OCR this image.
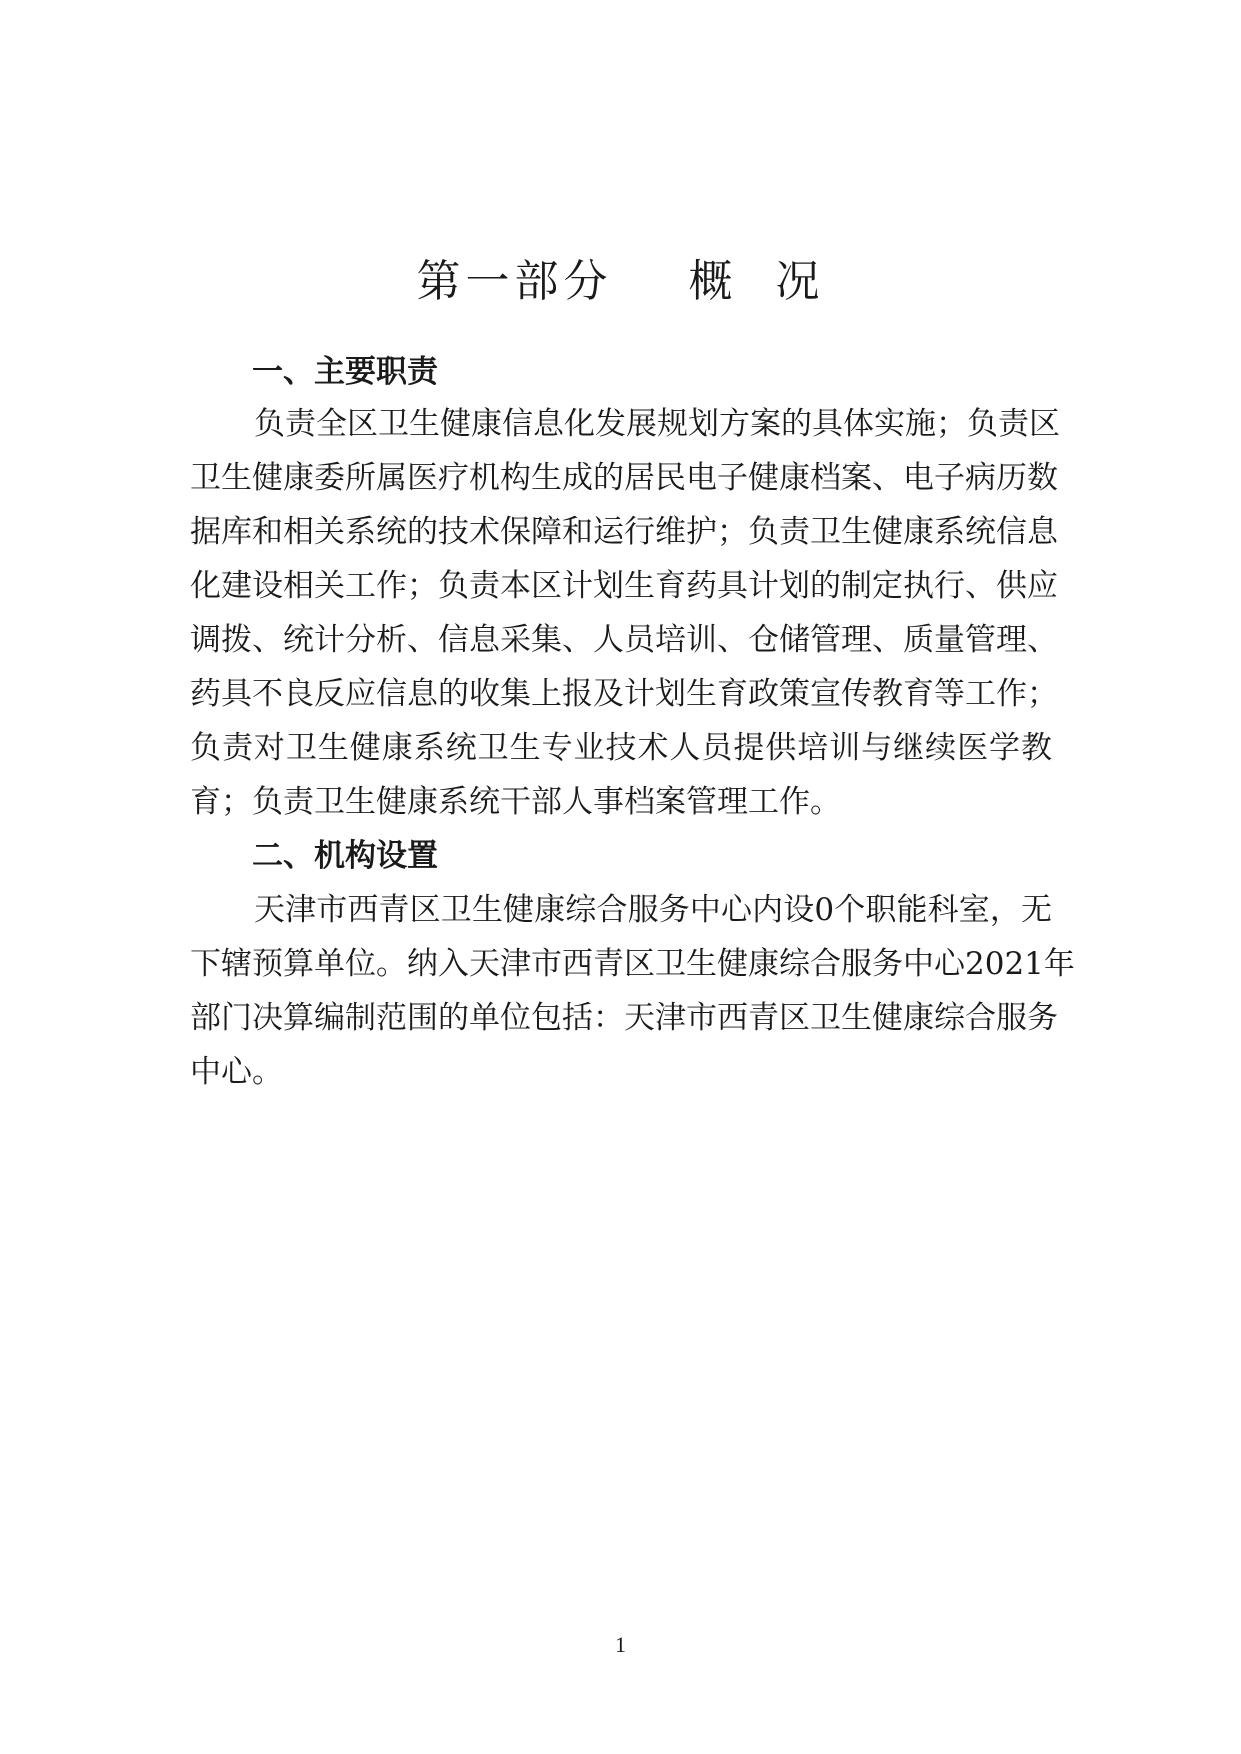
第一部分    概  况
一、主要职责
负责全区卫生健康信息化发展规划方案的具体实施；负责区
卫生健康委所属医疗机构生成的居民电子健康档案、电子病历数
据库和相关系统的技术保障和运行维护；负责卫生健康系统信息
化建设相关工作；负责本区计划生育药具计划的制定执行、供应
调拨、统计分析、信息采集、人员培训、仓储管理、质量管理、
药具不良反应信息的收集上报及计划生育政策宣传教育等工作；
负责对卫生健康系统卫生专业技术人员提供培训与继续医学教
育；负责卫生健康系统干部人事档案管理工作。
二、机构设置
天津市西青区卫生健康综合服务中心内设0个职能科室，无
下辖预算单位。纳入天津市西青区卫生健康综合服务中心2021年
部门决算编制范围的单位包括：天津市西青区卫生健康综合服务
中心。
1
